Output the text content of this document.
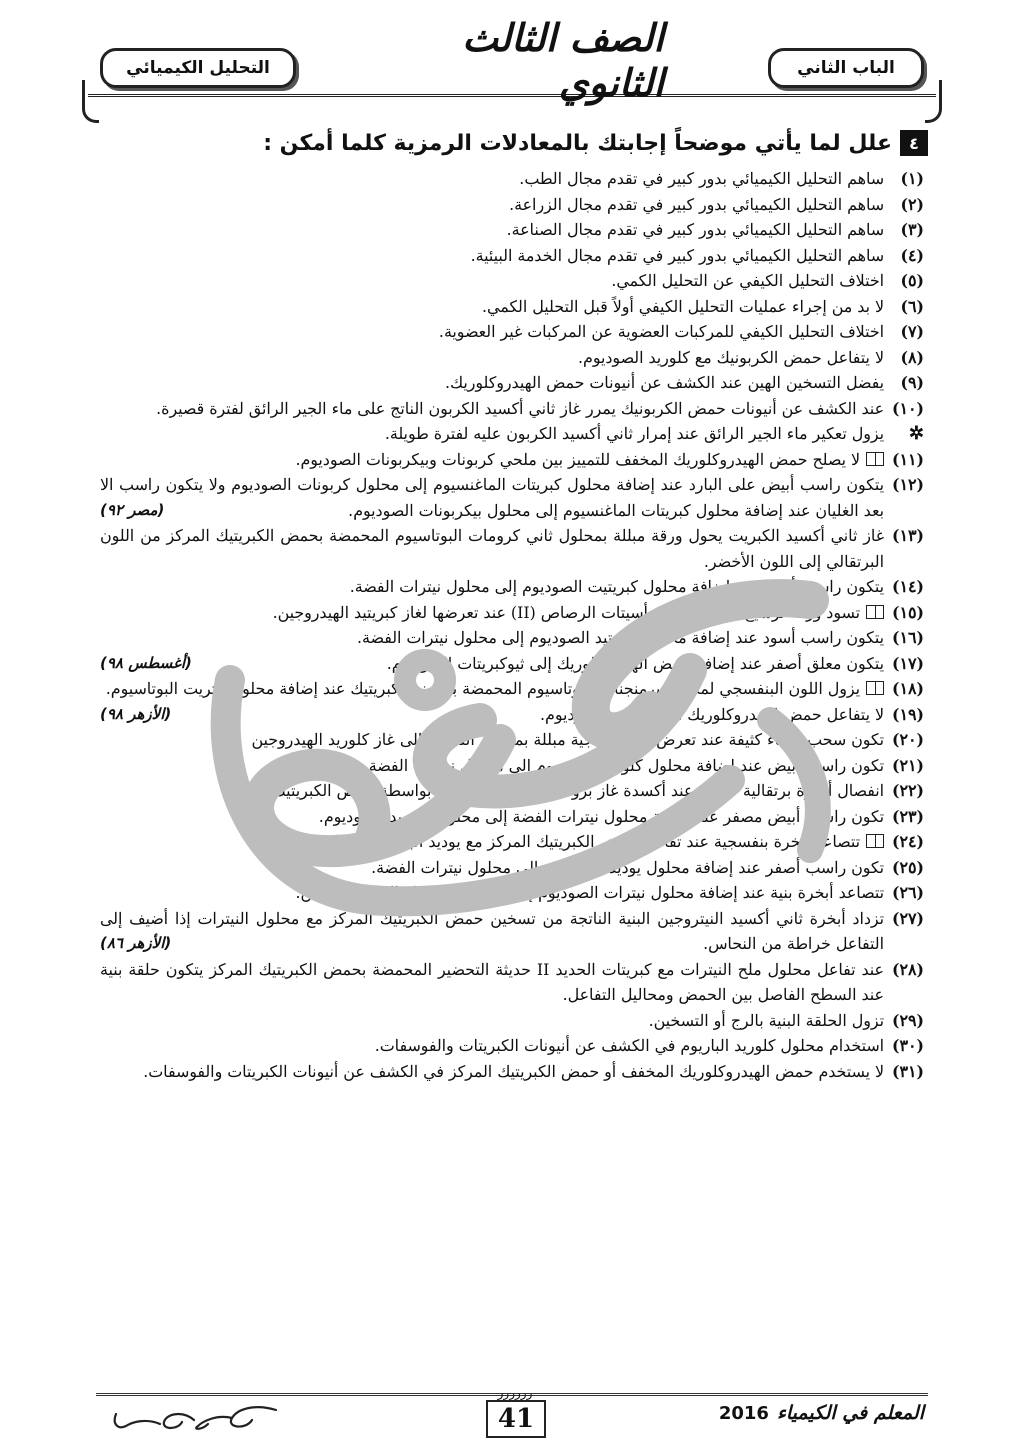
التحليل الكيميائي
الصف الثالث الثانوي	الباب الثاني
٤
علل لما يأتي موضحاً إجابتك بالمعادلات الرمزية كلما أمكن :
(١)
ساهم التحليل الكيميائي بدور كبير في تقدم مجال الطب.
(٢)
ساهم التحليل الكيميائي بدور كبير في تقدم مجال الزراعة.
(٣)
ساهم التحليل الكيميائي بدور كبير في تقدم مجال الصناعة.
(٤)
ساهم التحليل الكيميائي بدور كبير في تقدم مجال الخدمة البيئية.
(٥)
اختلاف التحليل الكيفي عن التحليل الكمي.
(٦)
لا بد من إجراء عمليات التحليل الكيفي أولاً قبل التحليل الكمي.
(٧)
اختلاف التحليل الكيفي للمركبات العضوية عن المركبات غير العضوية.
(٨)
لا يتفاعل حمض الكربونيك مع كلوريد الصوديوم.
(٩)
يفضل التسخين الهين عند الكشف عن أنيونات حمض الهيدروكلوريك.
(١٠)
عند الكشف عن أنيونات حمض الكربونيك يمرر غاز ثاني أكسيد الكربون الناتج على ماء الجير الرائق لفترة قصيرة.
✲
يزول تعكير ماء الجير الرائق عند إمرار ثاني أكسيد الكربون عليه لفترة طويلة.
(١١)
لا يصلح حمض الهيدروكلوريك المخفف للتمييز بين ملحي كربونات وبيكربونات الصوديوم.
(١٢)
يتكون راسب أبيض على البارد عند إضافة محلول كبريتات الماغنسيوم إلى محلول كربونات الصوديوم ولا يتكون راسب الا بعد الغليان عند إضافة محلول كبريتات الماغنسيوم إلى محلول بيكربونات الصوديوم.
(مصر ٩٢)
(١٣)
غاز ثاني أكسيد الكبريت يحول ورقة مبللة بمحلول ثاني كرومات البوتاسيوم المحمضة بحمض الكبريتيك المركز من اللون البرتقالي إلى اللون الأخضر.
(١٤)
يتكون راسب أبيض عند إضافة محلول كبريتيت الصوديوم إلى محلول نيترات الفضة.
(١٥)
تسود ورقة ترشيح مبللة بمحلول أسيتات الرصاص (II) عند تعرضها لغاز كبريتيد الهيدروجين.
(١٦)
يتكون راسب أسود عند إضافة محلول كبريتيد الصوديوم إلى محلول نيترات الفضة.
(١٧)
يتكون معلق أصفر عند إضافة حمض الهيدروكلوريك إلى ثيوكبريتات الصوديوم.
(أغسطس ٩٨)
(١٨)
يزول اللون البنفسجي لمحلول برمنجنات البوتاسيوم المحمضة بحمض الكبريتيك عند إضافة محلول نيتريت البوتاسيوم.
(١٩)
لا يتفاعل حمض الهيدروكلوريك مع كبريتات الصوديوم.
(الأزهر ٩٨)
(٢٠)
تكون سحب بيضاء كثيفة عند تعرض ساق زجاجية مبللة بمحلول النشادر إلى غاز كلوريد الهيدروجين
(٢١)
تكون راسب أبيض عند إضافة محلول كلوريد الصوديوم إلى محلول نيترات الفضة.
(٢٢)
انفصال أبخرة برتقالية حمراء عند أكسدة غاز بروميد الهيدروجين جزئياً بواسطة حمض الكبريتيك.
(٢٣)
تكون راسب أبيض مصفر عند إضافة محلول نيترات الفضة إلى محلول بروميد الصوديوم.
(٢٤)
تتصاعد أبخرة بنفسجية عند تفاعل حمض الكبريتيك المركز مع يوديد البوتاسيوم والتسخين.
(٢٥)
تكون راسب أصفر عند إضافة محلول يوديد الصوديوم إلى محلول نيترات الفضة.
(٢٦)
تتصاعد أبخرة بنية عند إضافة محلول نيترات الصوديوم إلى حمض الكبريتيك المركز الساخن.
(٢٧)
تزداد أبخرة ثاني أكسيد النيتروجين البنية الناتجة من تسخين حمض الكبريتيك المركز مع محلول النيترات إذا أضيف إلى التفاعل خراطة من النحاس.
(الأزهر ٨٦)
(٢٨)
عند تفاعل محلول ملح النيترات مع كبريتات الحديد II حديثة التحضير المحمضة بحمض الكبريتيك المركز يتكون حلقة بنية عند السطح الفاصل بين الحمض ومحاليل التفاعل.
(٢٩)
تزول الحلقة البنية بالرج أو التسخين.
(٣٠)
استخدام محلول كلوريد الباريوم في الكشف عن أنيونات الكبريتات والفوسفات.
(٣١)
لا يستخدم حمض الهيدروكلوريك المخفف أو حمض الكبريتيك المركز في الكشف عن أنيونات الكبريتات والفوسفات.
ﺭﺭﺭﺭﺭﺭ
41	المعلم في الكيمياء
2016
